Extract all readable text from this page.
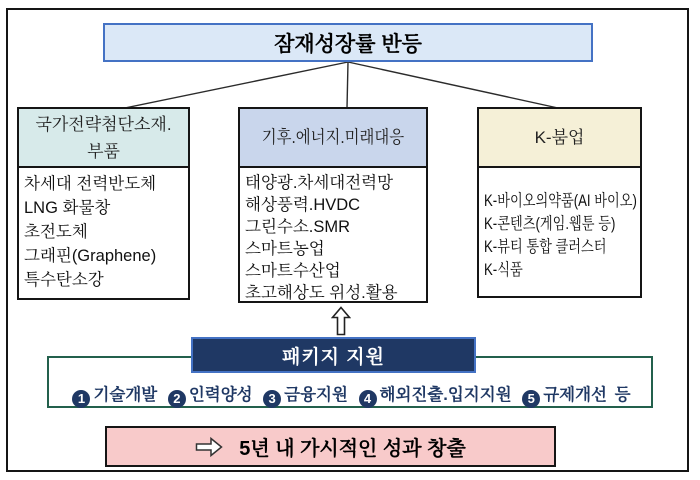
잠재성장률 반등
국가전략첨단소재.
부품
차세대 전력반도체
LNG 화물창
초전도체
그래핀(Graphene)
특수탄소강
기후.에너지.미래대응
태양광.차세대전력망
해상풍력.HVDC
그린수소.SMR
스마트농업
스마트수산업
초고해상도 위성.활용
K-붐업
K-바이오의약품(AI 바이오)
K-콘텐츠(게임.웹툰 등)
K-뷰티 통합 클러스터
K-식품
1 기술개발 2 인력양성 3 금융지원 4 해외진출.입지지원 5 규제개선 등
패키지 지원
5년 내 가시적인 성과 창출
